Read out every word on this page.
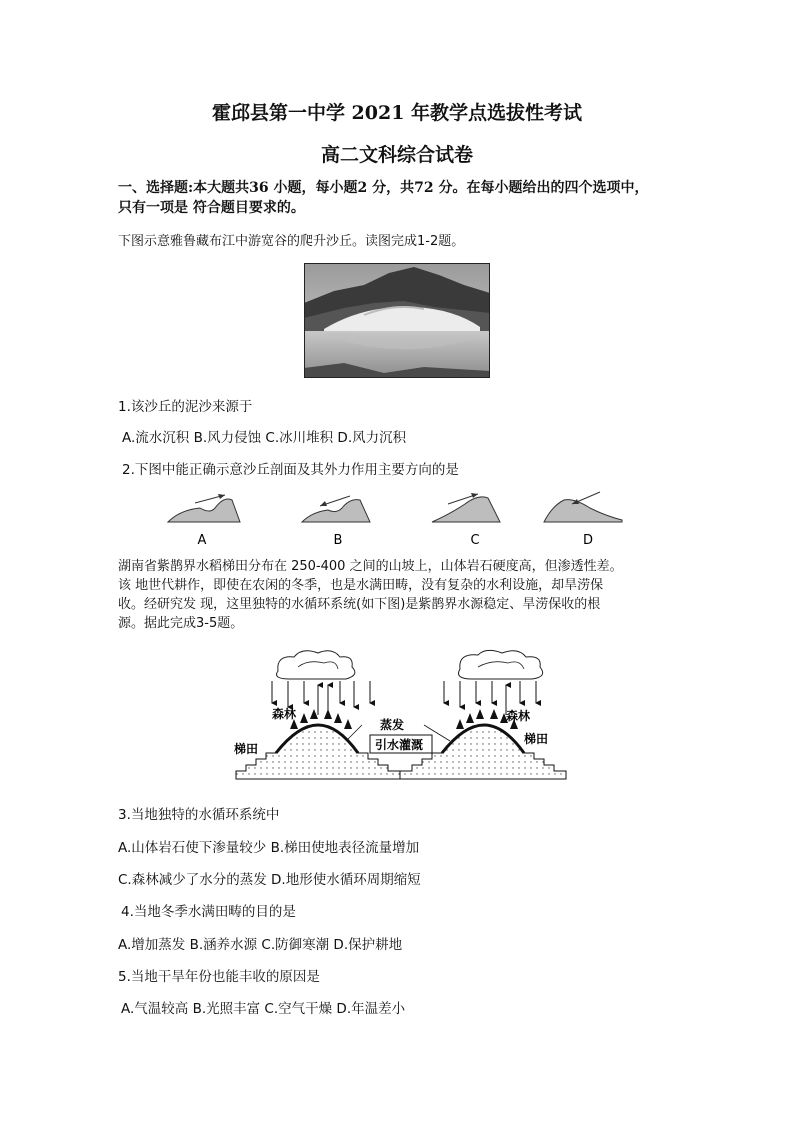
霍邱县第一中学 2021 年教学点选拔性考试
高二文科综合试卷
一、选择题:本大题共36 小题，每小题2 分，共72 分。在每小题给出的四个选项中，
只有一项是 符合题目要求的。
下图示意雅鲁藏布江中游宽谷的爬升沙丘。读图完成1-2题。
1.该沙丘的泥沙来源于
A.流水沉积 B.风力侵蚀 C.冰川堆积 D.风力沉积
2.下图中能正确示意沙丘剖面及其外力作用主要方向的是
A	B	C	D
湖南省紫鹊界水稻梯田分布在 250-400 之间的山坡上，山体岩石硬度高，但渗透性差。
该 地世代耕作，即使在农闲的冬季，也是水满田畴，没有复杂的水利设施，却旱涝保
收。经研究发 现，这里独特的水循环系统(如下图)是紫鹊界水源稳定、旱涝保收的根
源。据此完成3-5题。
森林	森林
蒸发
引水灌溉
梯田
梯田
3.当地独特的水循环系统中
A.山体岩石使下渗量较少 B.梯田使地表径流量增加
C.森林减少了水分的蒸发 D.地形使水循环周期缩短
4.当地冬季水满田畴的目的是
A.增加蒸发 B.涵养水源 C.防御寒潮 D.保护耕地
5.当地干旱年份也能丰收的原因是
A.气温较高 B.光照丰富 C.空气干燥 D.年温差小
